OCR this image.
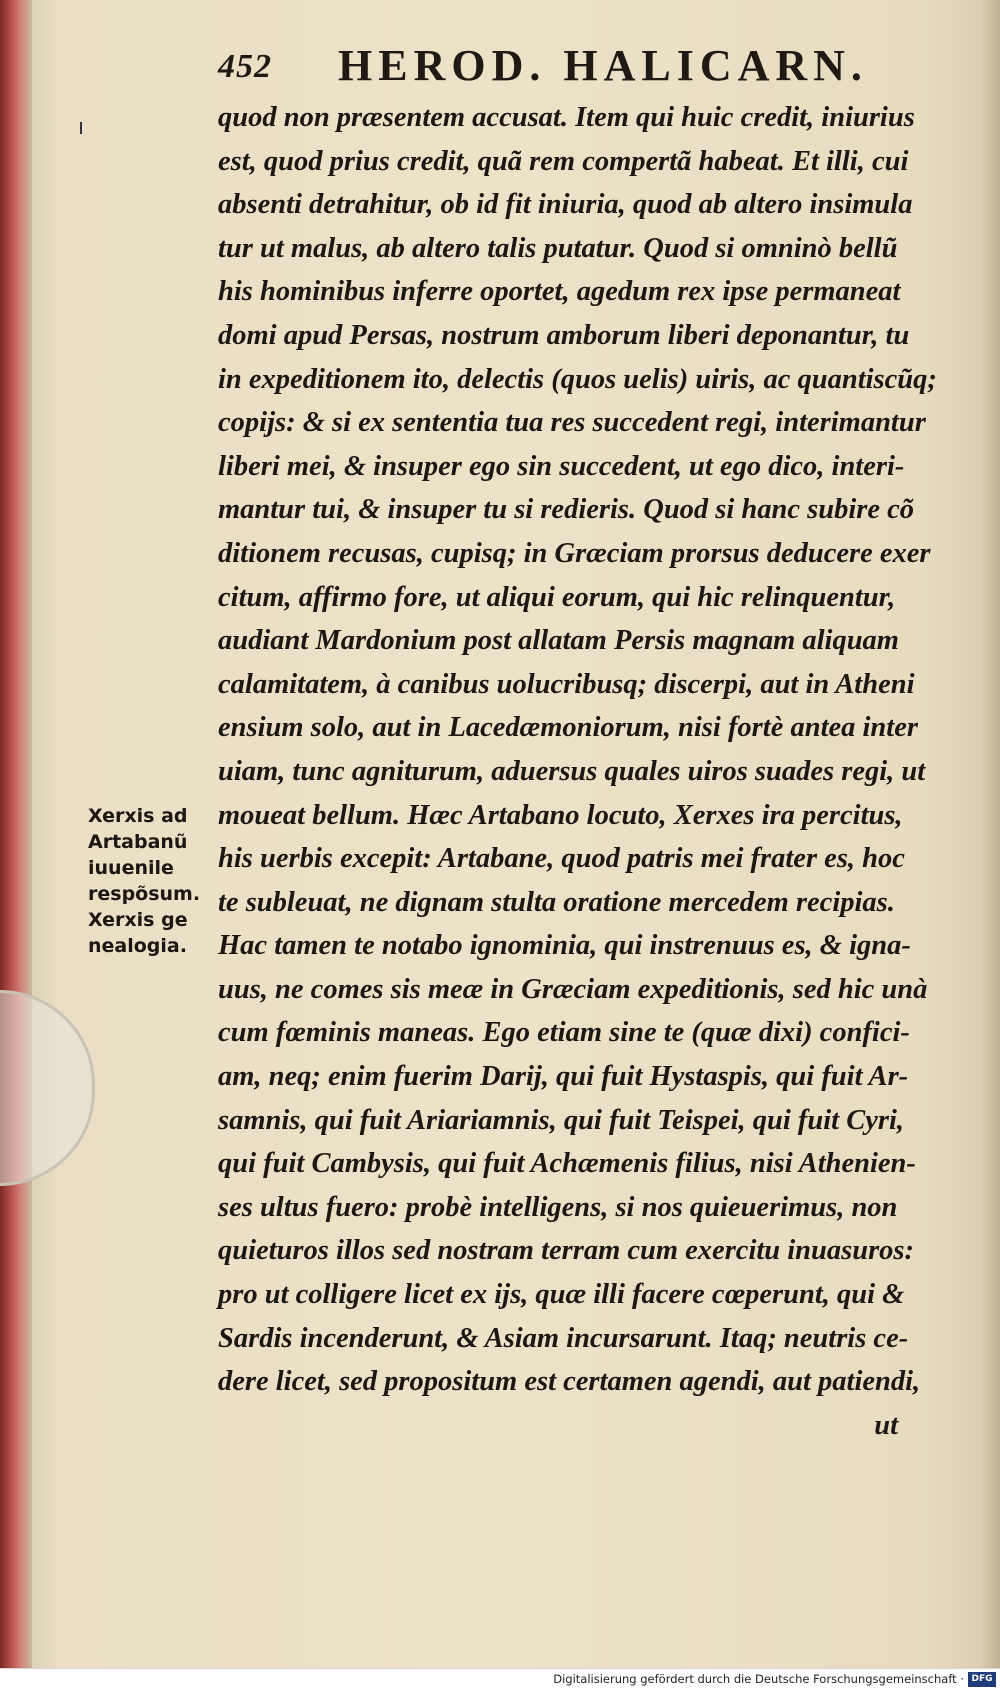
452 HEROD. HALICARN.
quod non præsentem accusat. Item qui huic credit, iniurius
est, quod prius credit, quã rem compertã habeat. Et illi, cui
absenti detrahitur, ob id fit iniuria, quod ab altero insimula
tur ut malus, ab altero talis putatur. Quod si omninò bellũ
his hominibus inferre oportet, agedum rex ipse permaneat
domi apud Persas, nostrum amborum liberi deponantur, tu
in expeditionem ito, delectis (quos uelis) uiris, ac quantiscũq;
copijs: & si ex sententia tua res succedent regi, interimantur
liberi mei, & insuper ego sin succedent, ut ego dico, interi-
mantur tui, & insuper tu si redieris. Quod si hanc subire cõ
ditionem recusas, cupisq; in Græciam prorsus deducere exer
citum, affirmo fore, ut aliqui eorum, qui hic relinquentur,
audiant Mardonium post allatam Persis magnam aliquam
calamitatem, à canibus uolucribusq; discerpi, aut in Atheni
ensium solo, aut in Lacedæmoniorum, nisi fortè antea inter
uiam, tunc agniturum, aduersus quales uiros suades regi, ut
moueat bellum. Hæc Artabano locuto, Xerxes ira percitus,
his uerbis excepit: Artabane, quod patris mei frater es, hoc
te subleuat, ne dignam stulta oratione mercedem recipias.
Hac tamen te notabo ignominia, qui instrenuus es, & igna-
uus, ne comes sis meæ in Græciam expeditionis, sed hic unà
cum fœminis maneas. Ego etiam sine te (quæ dixi) confici-
am, neq; enim fuerim Darij, qui fuit Hystaspis, qui fuit Ar-
samnis, qui fuit Ariariamnis, qui fuit Teispei, qui fuit Cyri,
qui fuit Cambysis, qui fuit Achæmenis filius, nisi Athenien-
ses ultus fuero: probè intelligens, si nos quieuerimus, non
quieturos illos sed nostram terram cum exercitu inuasuros:
pro ut colligere licet ex ijs, quæ illi facere cœperunt, qui &
Sardis incenderunt, & Asiam incursarunt. Itaq; neutris ce-
dere licet, sed propositum est certamen agendi, aut patiendi,
ut
Xerxis ad
Artabanũ
iuuenile
respõsum.
Xerxis ge
nealogia.
Digitalisierung gefördert durch die Deutsche Forschungsgemeinschaft · DFG
